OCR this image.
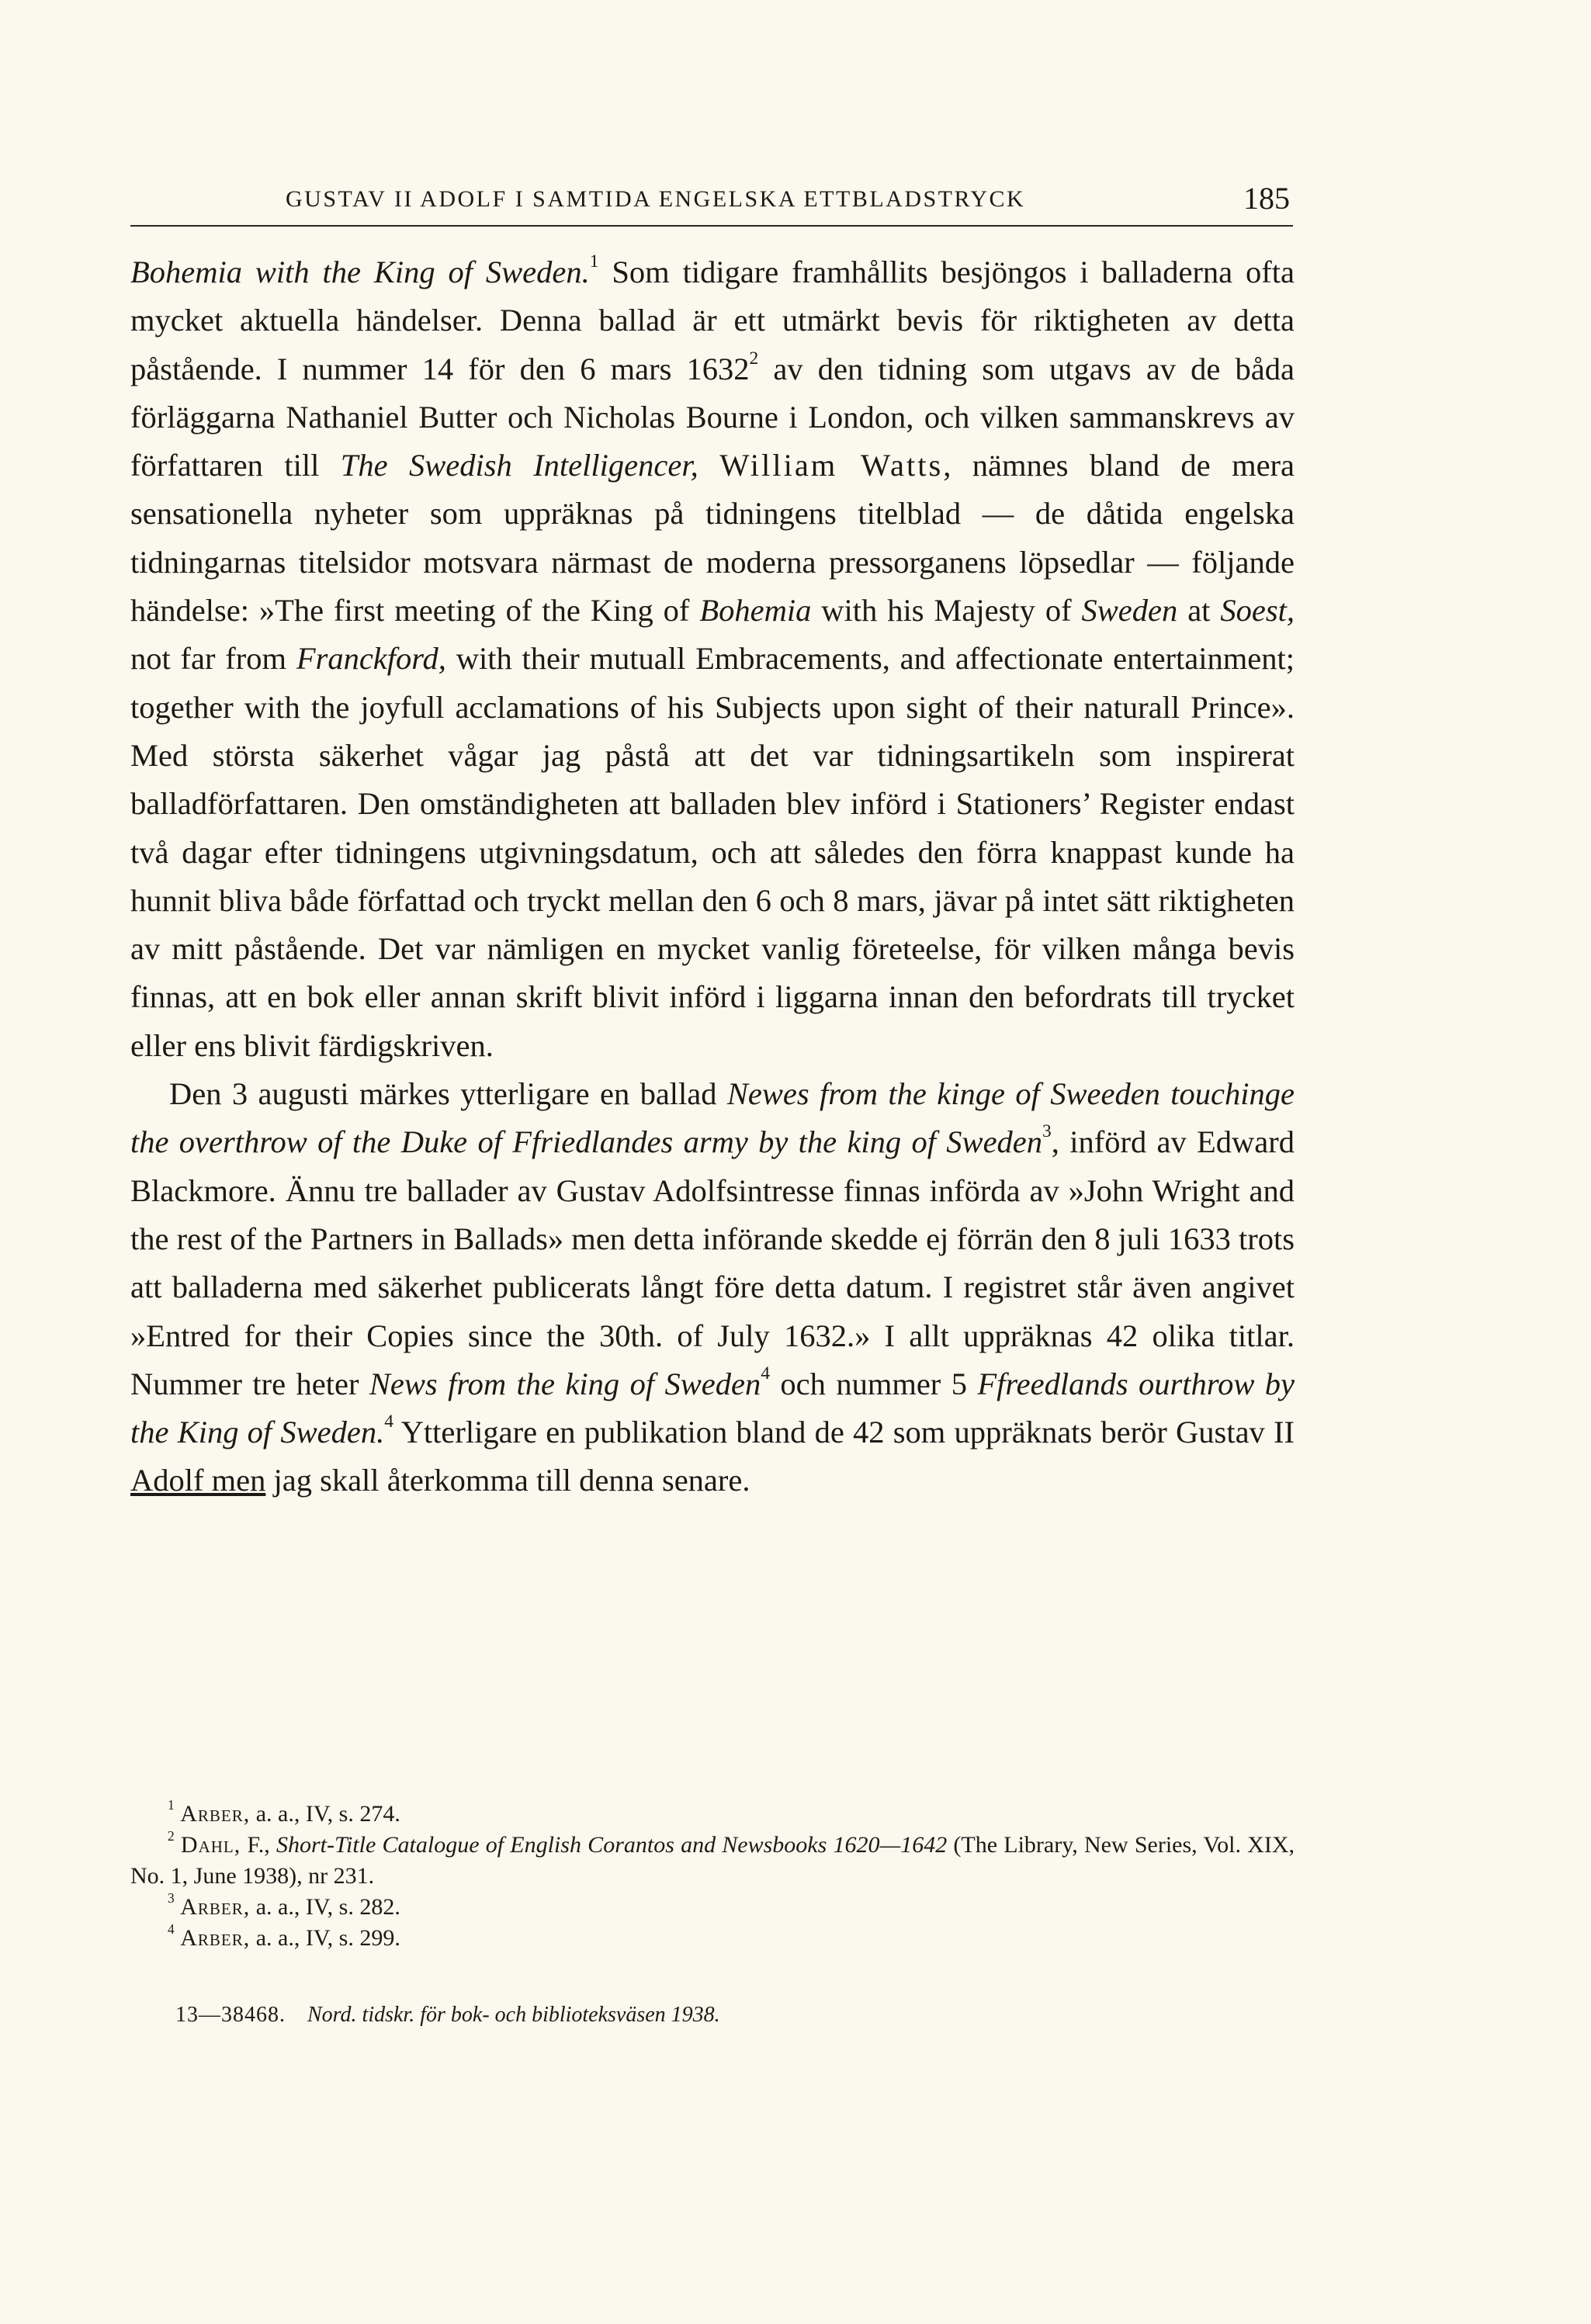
GUSTAV II ADOLF I SAMTIDA ENGELSKA ETTBLADSTRYCK	185

Bohemia with the King of Sweden.$^1$ Som tidigare framhållits besjöngos i balladerna ofta mycket aktuella händelser. Denna ballad är ett utmärkt bevis för riktigheten av detta påstående. I nummer 14 för den 6 mars 1632$^2$ av den tidning som utgavs av de båda förläggarna Nathaniel Butter och Nicholas Bourne i London, och vilken sammanskrevs av författaren till The Swedish Intelligencer, William Watts, nämnes bland de mera sensationella nyheter som uppräknas på tidningens titelblad — de dåtida engelska tidningarnas titelsidor motsvara närmast de moderna pressorganens löpsedlar — följande händelse: »The first meeting of the King of Bohemia with his Majesty of Sweden at Soest, not far from Franckford, with their mutuall Embracements, and affectionate entertainment; together with the joyfull acclamations of his Subjects upon sight of their naturall Prince». Med största säkerhet vågar jag påstå att det var tidningsartikeln som inspirerat balladförfattaren. Den omständigheten att balladen blev införd i Stationers’ Register endast två dagar efter tidningens utgivningsdatum, och att således den förra knappast kunde ha hunnit bliva både författad och tryckt mellan den 6 och 8 mars, jävar på intet sätt riktigheten av mitt påstående. Det var nämligen en mycket vanlig företeelse, för vilken många bevis finnas, att en bok eller annan skrift blivit införd i liggarna innan den befordrats till trycket eller ens blivit färdigskriven.

Den 3 augusti märkes ytterligare en ballad Newes from the kinge of Sweeden touchinge the overthrow of the Duke of Ffriedlandes army by the king of Sweden$^3$, införd av Edward Blackmore. Ännu tre ballader av Gustav Adolfsintresse finnas införda av »John Wright and the rest of the Partners in Ballads» men detta införande skedde ej förrän den 8 juli 1633 trots att balladerna med säkerhet publicerats långt före detta datum. I registret står även angivet »Entred for their Copies since the 30th. of July 1632.» I allt uppräknas 42 olika titlar. Nummer tre heter News from the king of Sweden$^4$ och nummer 5 Ffreedlands ourthrow by the King of Sweden.$^4$ Ytterligare en publikation bland de 42 som uppräknats berör Gustav II Adolf men jag skall återkomma till denna senare.

$^1$ Arber, a. a., IV, s. 274.

$^2$ Dahl, F., Short-Title Catalogue of English Corantos and Newsbooks 1620—1642 (The Library, New Series, Vol. XIX, No. 1, June 1938), nr 231.

$^3$ Arber, a. a., IV, s. 282.

$^4$ Arber, a. a., IV, s. 299.

13—38468. Nord. tidskr. för bok- och biblioteksväsen 1938.
